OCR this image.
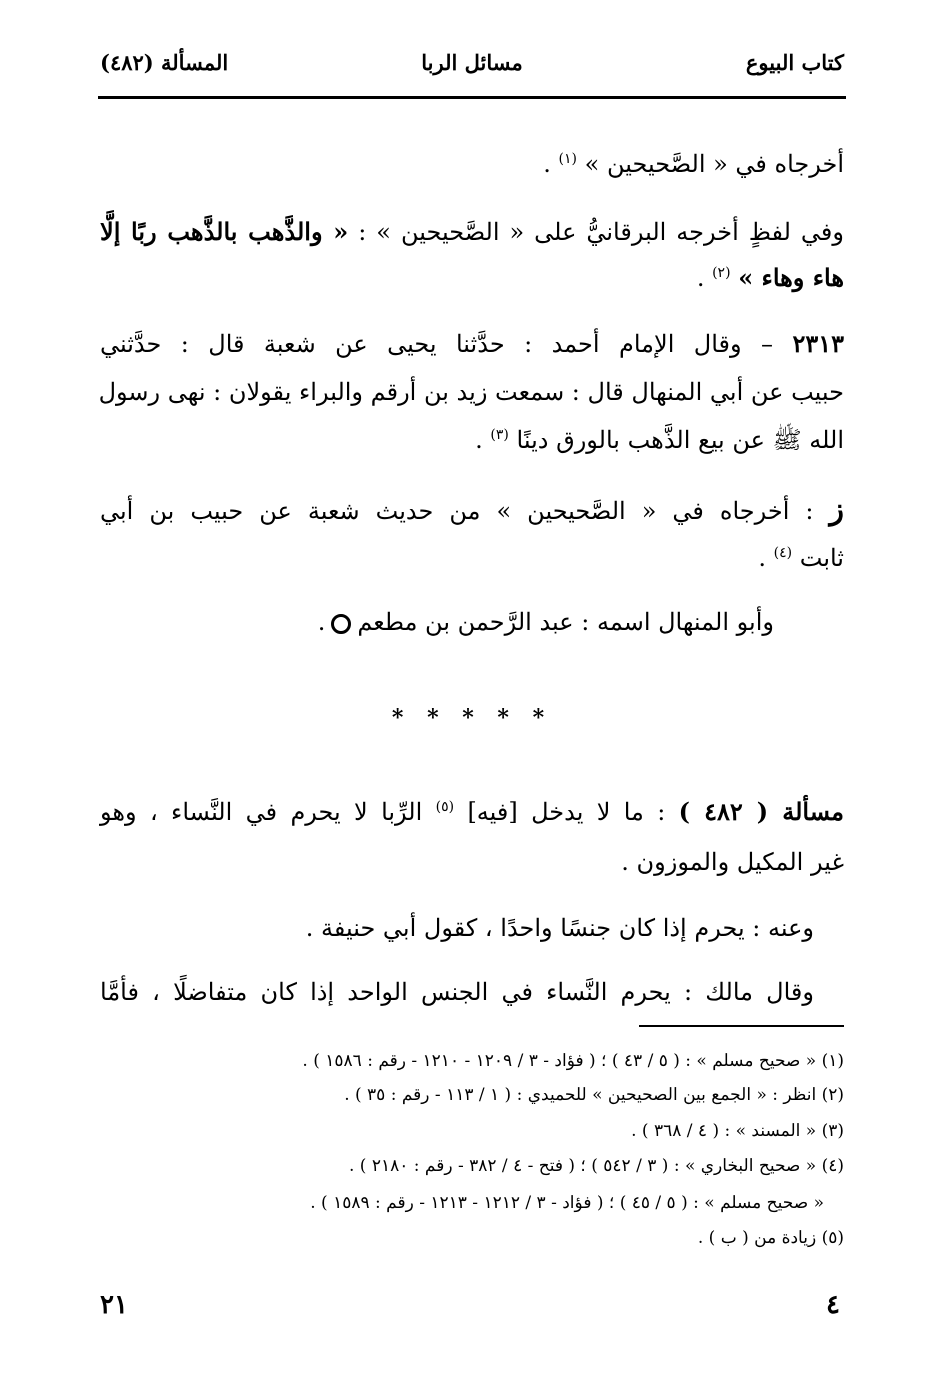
كتاب البيوع
مسائل الربا
المسألة (٤٨٢)
أخرجاه في « الصَّحيحين » $^{(١)}$ .
وفي لفظٍ أخرجه البرقانيُّ على « الصَّحيحين » : « والذَّهب بالذَّهب ربًا إلَّا
هاء وهاء » $^{(٢)}$ .
٢٣١٣ – وقال الإمام أحمد : حدَّثنا يحيى عن شعبة قال : حدَّثني
حبيب عن أبي المنهال قال : سمعت زيد بن أرقم والبراء يقولان : نهى رسول
الله ﷺ عن بيع الذَّهب بالورق دينًا $^{(٣)}$ .
ز : أخرجاه في « الصَّحيحين » من حديث شعبة عن حبيب بن أبي
ثابت $^{(٤)}$ .
وأبو المنهال اسمه : عبد الرَّحمن بن مطعم.
* * * * *
مسألة ( ٤٨٢ ) : ما لا يدخل [فيه] $^{(٥)}$ الرِّبا لا يحرم في النَّساء ، وهو
غير المكيل والموزون .
وعنه : يحرم إذا كان جنسًا واحدًا ، كقول أبي حنيفة .
وقال مالك : يحرم النَّساء في الجنس الواحد إذا كان متفاضلًا ، فأمَّا
(١) « صحيح مسلم » : ( ٥ / ٤٣ ) ؛ ( فؤاد - ٣ / ١٢٠٩ - ١٢١٠ - رقم : ١٥٨٦ ) .
(٢) انظر : « الجمع بين الصحيحين » للحميدي : ( ١ / ١١٣ - رقم : ٣٥ ) .
(٣) « المسند » : ( ٤ / ٣٦٨ ) .
(٤) « صحيح البخاري » : ( ٣ / ٥٤٢ ) ؛ ( فتح - ٤ / ٣٨٢ - رقم : ٢١٨٠ ) .
« صحيح مسلم » : ( ٥ / ٤٥ ) ؛ ( فؤاد - ٣ / ١٢١٢ - ١٢١٣ - رقم : ١٥٨٩ ) .
(٥) زيادة من ( ب ) .
٤
٢١
